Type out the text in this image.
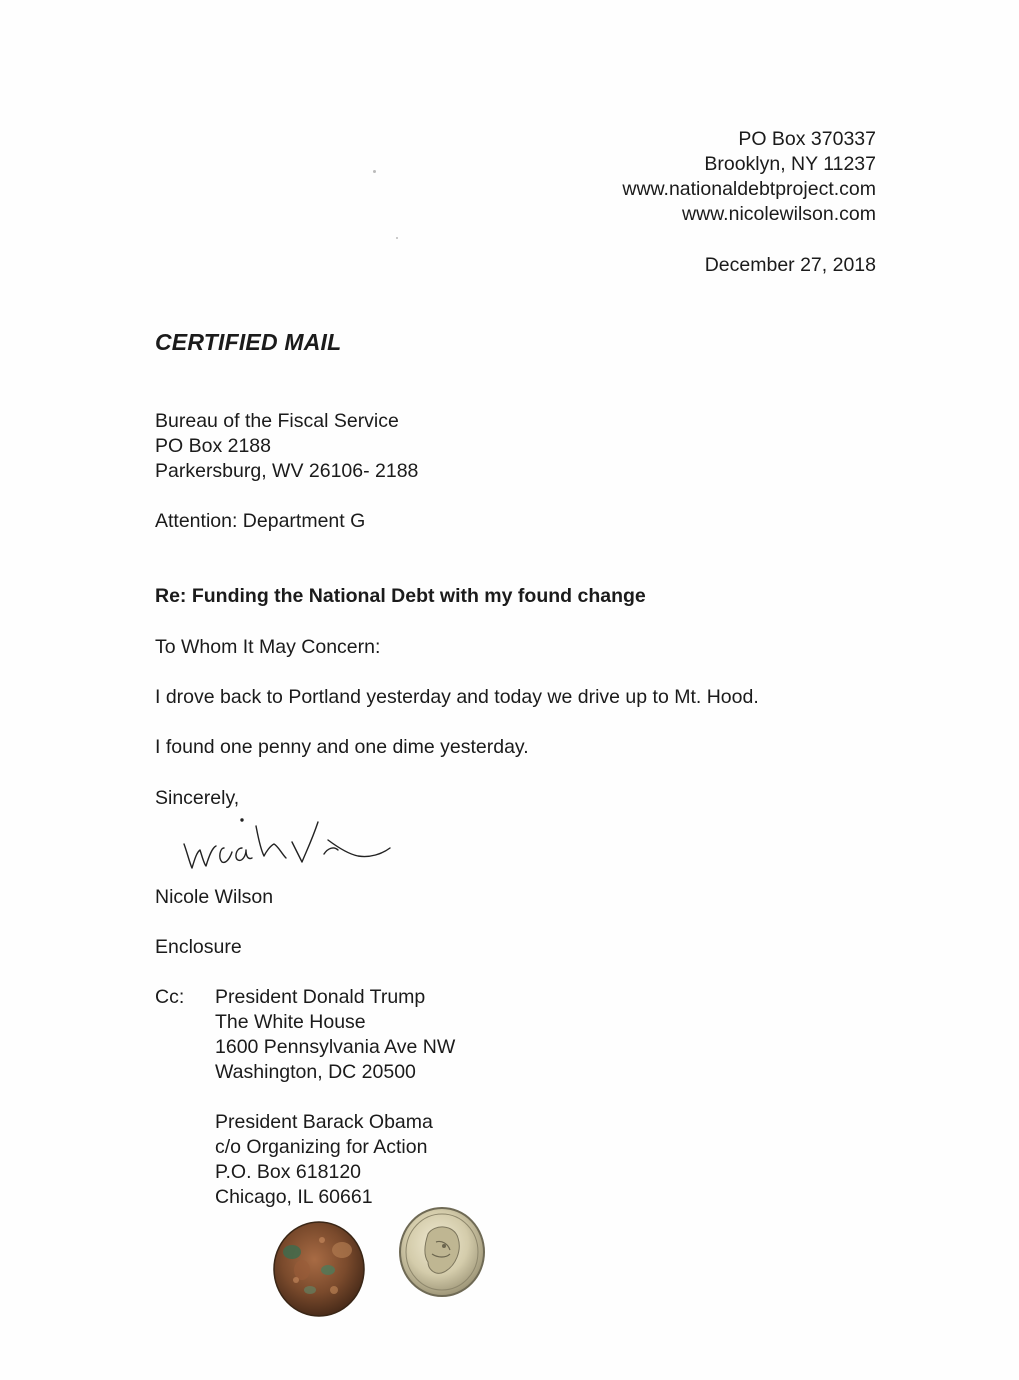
PO Box 370337
Brooklyn, NY 11237
www.nationaldebtproject.com
www.nicolewilson.com
December 27, 2018
CERTIFIED MAIL
Bureau of the Fiscal Service
PO Box 2188
Parkersburg, WV 26106- 2188
Attention: Department G
Re: Funding the National Debt with my found change
To Whom It May Concern:
I drove back to Portland yesterday and today we drive up to Mt. Hood.
I found one penny and one dime yesterday.
Sincerely,
Nicole Wilson
Enclosure
Cc: President Donald Trump
The White House
1600 Pennsylvania Ave NW
Washington, DC 20500
President Barack Obama
c/o Organizing for Action
P.O. Box 618120
Chicago, IL 60661
